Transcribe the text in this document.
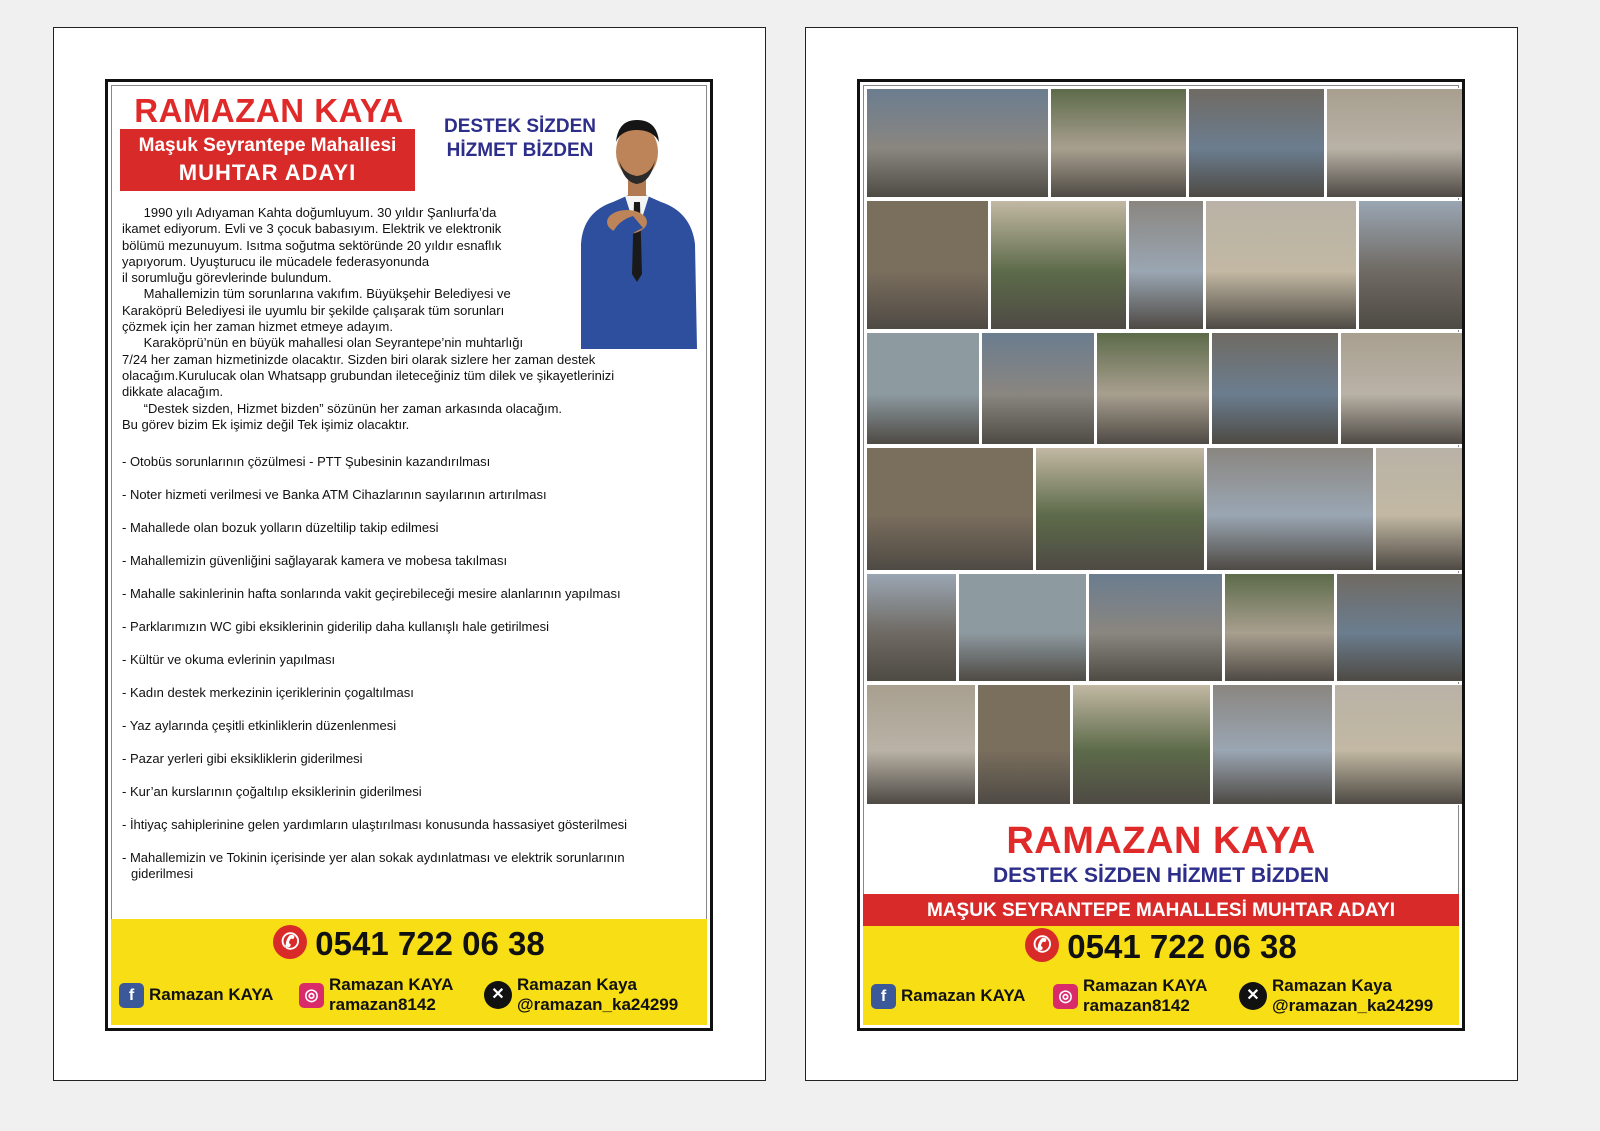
RAMAZAN KAYA
Maşuk Seyrantepe Mahallesi
MUHTAR ADAYI
DESTEK SİZDEN
HİZMET BİZDEN

1990 yılı Adıyaman Kahta doğumluyum. 30 yıldır Şanlıurfa’da
ikamet ediyorum. Evli ve 3 çocuk babasıyım. Elektrik ve elektronik
bölümü mezunuyum. Isıtma soğutma sektöründe 20 yıldır esnaflık
yapıyorum. Uyuşturucu ile mücadele federasyonunda
il sorumluğu görevlerinde bulundum.

Mahallemizin tüm sorunlarına vakıfım. Büyükşehir Belediyesi ve
Karaköprü Belediyesi ile uyumlu bir şekilde çalışarak tüm sorunları
çözmek için her zaman hizmet etmeye adayım.

Karaköprü’nün en büyük mahallesi olan Seyrantepe’nin muhtarlığı
7/24 her zaman hizmetinizde olacaktır. Sizden biri olarak sizlere her zaman destek
olacağım.Kurulucak olan Whatsapp grubundan ileteceğiniz tüm dilek ve şikayetlerinizi
dikkate alacağım.

“Destek sizden, Hizmet bizden” sözünün her zaman arkasında olacağım.
Bu görev bizim Ek işimiz değil Tek işimiz olacaktır.

- Otobüs sorunlarının çözülmesi - PTT Şubesinin kazandırılması
- Noter hizmeti verilmesi ve Banka ATM Cihazlarının sayılarının artırılması
- Mahallede olan bozuk yolların düzeltilip takip edilmesi
- Mahallemizin güvenliğini sağlayarak kamera ve mobesa takılması
- Mahalle sakinlerinin hafta sonlarında vakit geçirebileceği mesire alanlarının yapılması
- Parklarımızın WC gibi eksiklerinin giderilip daha kullanışlı hale getirilmesi
- Kültür ve okuma evlerinin yapılması
- Kadın destek merkezinin içeriklerinin çogaltılması
- Yaz aylarında çeşitli etkinliklerin düzenlenmesi
- Pazar yerleri gibi eksikliklerin giderilmesi
- Kur’an kurslarının çoğaltılıp eksiklerinin giderilmesi
- İhtiyaç sahiplerinine gelen yardımların ulaştırılması konusunda hassasiyet gösterilmesi
- Mahallemizin ve Tokinin içerisinde yer alan sokak aydınlatması ve elektrik sorunlarının giderilmesi
✆ 0541 722 06 38
f Ramazan KAYA	◎
Ramazan KAYA
ramazan8142
✕
Ramazan Kaya
@ramazan_ka24299
RAMAZAN KAYA
DESTEK SİZDEN HİZMET BİZDEN
MAŞUK SEYRANTEPE MAHALLESİ MUHTAR ADAYI
✆ 0541 722 06 38
f Ramazan KAYA	◎
Ramazan KAYA
ramazan8142
✕
Ramazan Kaya
@ramazan_ka24299
